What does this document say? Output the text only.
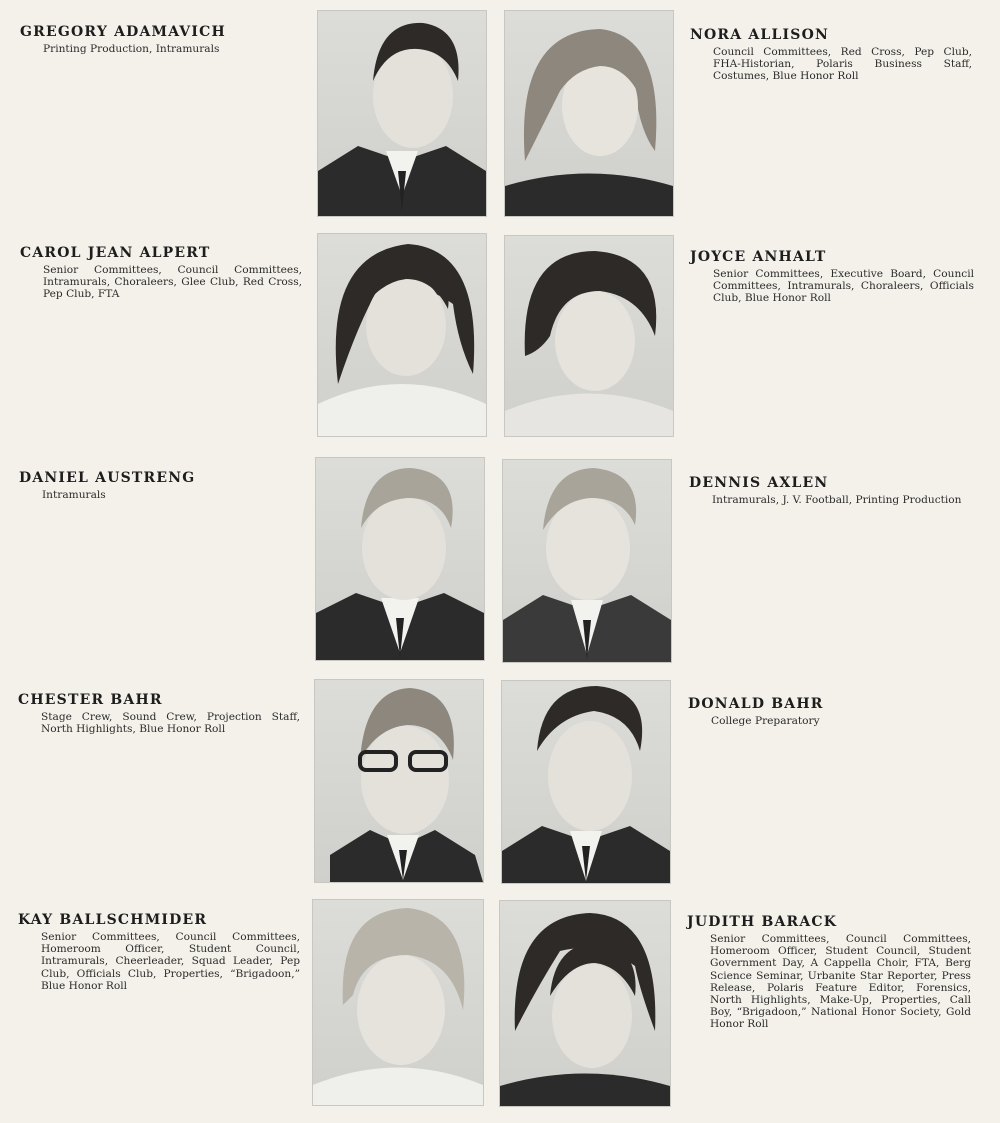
GREGORY ADAMAVICH
Printing Production, Intramurals
NORA ALLISON
Council Committees, Red Cross, Pep Club, FHA-Historian, Polaris Business Staff, Costumes, Blue Honor Roll
CAROL JEAN ALPERT
Senior Committees, Council Committees, Intramurals, Choraleers, Glee Club, Red Cross, Pep Club, FTA
JOYCE ANHALT
Senior Committees, Executive Board, Council Committees, Intramurals, Choraleers, Officials Club, Blue Honor Roll
DANIEL AUSTRENG
Intramurals
DENNIS AXLEN
Intramurals, J. V. Football, Printing Production
CHESTER BAHR
Stage Crew, Sound Crew, Projection Staff, North Highlights, Blue Honor Roll
DONALD BAHR
College Preparatory
KAY BALLSCHMIDER
Senior Committees, Council Committees, Homeroom Officer, Student Council, Intramurals, Cheerleader, Squad Leader, Pep Club, Officials Club, Properties, “Brigadoon,” Blue Honor Roll
JUDITH BARACK
Senior Committees, Council Committees, Homeroom Officer, Student Council, Student Government Day, A Cappella Choir, FTA, Berg Science Seminar, Urbanite Star Reporter, Press Release, Polaris Feature Editor, Forensics, North Highlights, Make-Up, Properties, Call Boy, “Brigadoon,” National Honor Society, Gold Honor Roll
